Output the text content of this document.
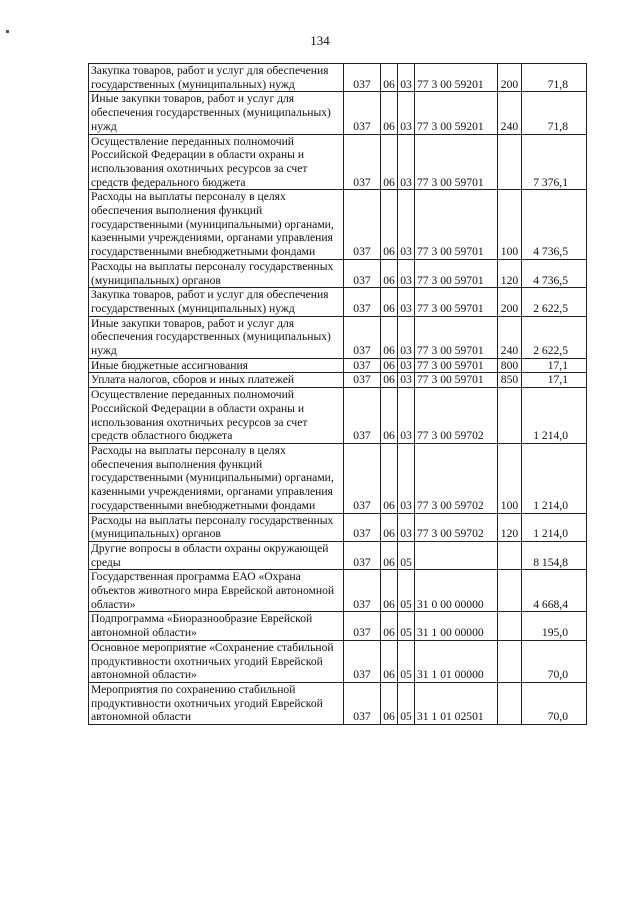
134
Закупка товаров, работ и услуг для обеспечения государственных (муниципальных) нужд	037	06	03	77 3 00 59201	200	71,8
Иные закупки товаров, работ и услуг для обеспечения государственных (муниципальных) нужд	037	06	03	77 3 00 59201	240	71,8
Осуществление переданных полномочий Российской Федерации в области охраны и использования охотничьих ресурсов за счет средств федерального бюджета	037	06	03	77 3 00 59701		7 376,1
Расходы на выплаты персоналу в целях обеспечения выполнения функций государственными (муниципальными) органами, казенными учреждениями, органами управления государственными внебюджетными фондами	037	06	03	77 3 00 59701	100	4 736,5
Расходы на выплаты персоналу государственных (муниципальных) органов	037	06	03	77 3 00 59701	120	4 736,5
Закупка товаров, работ и услуг для обеспечения государственных (муниципальных) нужд	037	06	03	77 3 00 59701	200	2 622,5
Иные закупки товаров, работ и услуг для обеспечения государственных (муниципальных) нужд	037	06	03	77 3 00 59701	240	2 622,5
Иные бюджетные ассигнования	037	06	03	77 3 00 59701	800	17,1
Уплата налогов, сборов и иных платежей	037	06	03	77 3 00 59701	850	17,1
Осуществление переданных полномочий Российской Федерации в области охраны и использования охотничьих ресурсов за счет средств областного бюджета	037	06	03	77 3 00 59702		1 214,0
Расходы на выплаты персоналу в целях обеспечения выполнения функций государственными (муниципальными) органами, казенными учреждениями, органами управления государственными внебюджетными фондами	037	06	03	77 3 00 59702	100	1 214,0
Расходы на выплаты персоналу государственных (муниципальных) органов	037	06	03	77 3 00 59702	120	1 214,0
Другие вопросы в области охраны окружающей среды	037	06	05			8 154,8
Государственная программа ЕАО «Охрана объектов животного мира Еврейской автономной области»	037	06	05	31 0 00 00000		4 668,4
Подпрограмма «Биоразнообразие Еврейской автономной области»	037	06	05	31 1 00 00000		195,0
Основное мероприятие «Сохранение стабильной продуктивности охотничьих угодий Еврейской автономной области»	037	06	05	31 1 01 00000		70,0
Мероприятия по сохранению стабильной продуктивности охотничьих угодий Еврейской автономной области	037	06	05	31 1 01 02501		70,0
